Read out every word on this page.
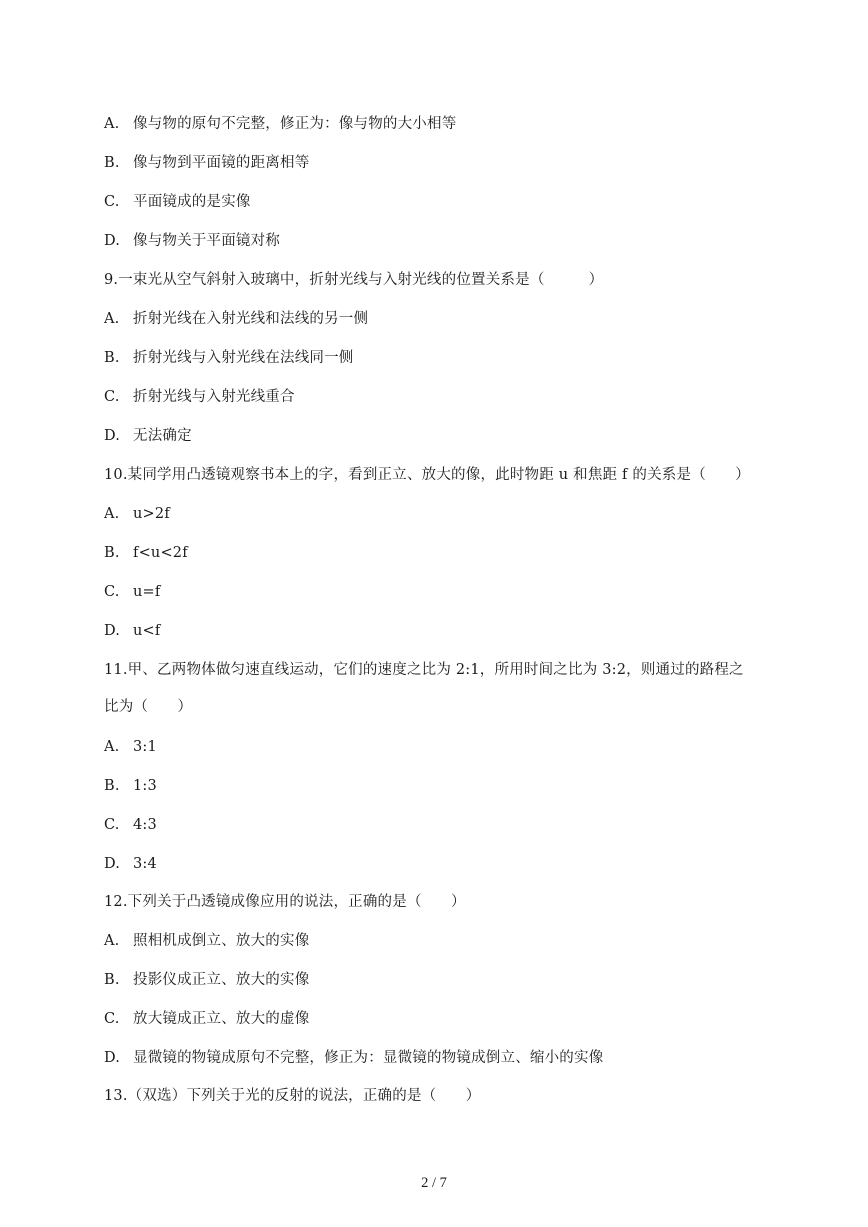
A. 像与物的原句不完整，修正为：像与物的大小相等
B. 像与物到平面镜的距离相等
C. 平面镜成的是实像
D. 像与物关于平面镜对称
9.一束光从空气斜射入玻璃中，折射光线与入射光线的位置关系是（　　　）
A. 折射光线在入射光线和法线的另一侧
B. 折射光线与入射光线在法线同一侧
C. 折射光线与入射光线重合
D. 无法确定
10.某同学用凸透镜观察书本上的字，看到正立、放大的像，此时物距 u 和焦距 f 的关系是（　　）
A. u>2f
B. f<u<2f
C. u=f
D. u<f
11.甲、乙两物体做匀速直线运动，它们的速度之比为 2:1，所用时间之比为 3:2，则通过的路程之
比为（　　）
A. 3:1
B. 1:3
C. 4:3
D. 3:4
12.下列关于凸透镜成像应用的说法，正确的是（　　）
A. 照相机成倒立、放大的实像
B. 投影仪成正立、放大的实像
C. 放大镜成正立、放大的虚像
D. 显微镜的物镜成原句不完整，修正为：显微镜的物镜成倒立、缩小的实像
13.（双选）下列关于光的反射的说法，正确的是（　　）
2 / 7
